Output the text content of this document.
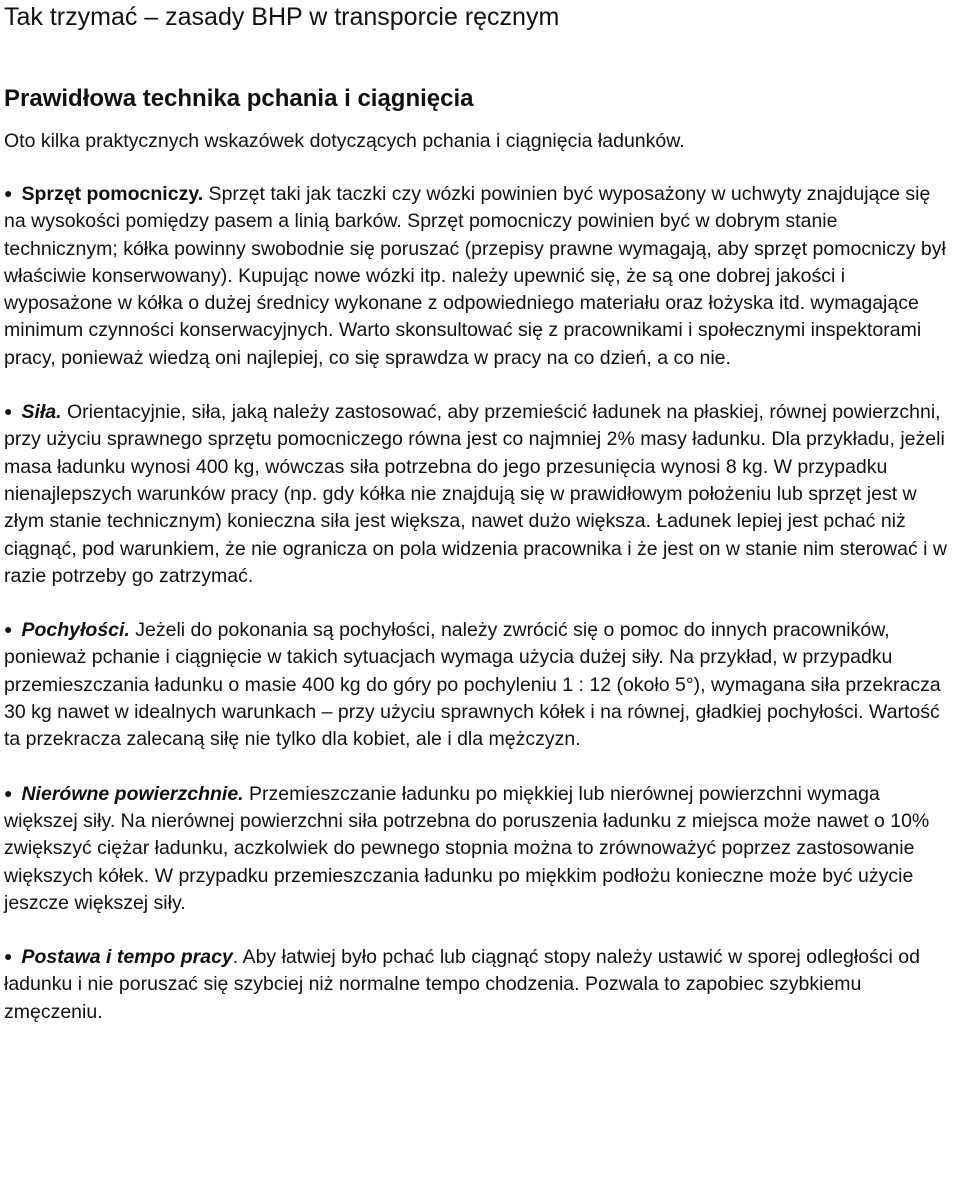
Tak trzymać – zasady BHP w transporcie ręcznym
Prawidłowa technika pchania i ciągnięcia

Oto kilka praktycznych wskazówek dotyczących pchania i ciągnięcia ładunków.

● Sprzęt pomocniczy. Sprzęt taki jak taczki czy wózki powinien być wyposażony w uchwyty znajdujące się na wysokości pomiędzy pasem a linią barków. Sprzęt pomocniczy powinien być w dobrym stanie technicznym; kółka powinny swobodnie się poruszać (przepisy prawne wymagają, aby sprzęt pomocniczy był właściwie konserwowany). Kupując nowe wózki itp. należy upewnić się, że są one dobrej jakości i wyposażone w kółka o dużej średnicy wykonane z odpowiedniego materiału oraz łożyska itd. wymagające minimum czynności konserwacyjnych. Warto skonsultować się z pracownikami i społecznymi inspektorami pracy, ponieważ wiedzą oni najlepiej, co się sprawdza w pracy na co dzień, a co nie.
● Siła. Orientacyjnie, siła, jaką należy zastosować, aby przemieścić ładunek na płaskiej, równej powierzchni, przy użyciu sprawnego sprzętu pomocniczego równa jest co najmniej 2% masy ładunku. Dla przykładu, jeżeli masa ładunku wynosi 400 kg, wówczas siła potrzebna do jego przesunięcia wynosi 8 kg. W przypadku nienajlepszych warunków pracy (np. gdy kółka nie znajdują się w prawidłowym położeniu lub sprzęt jest w złym stanie technicznym) konieczna siła jest większa, nawet dużo większa. Ładunek lepiej jest pchać niż ciągnąć, pod warunkiem, że nie ogranicza on pola widzenia pracownika i że jest on w stanie nim sterować i w razie potrzeby go zatrzymać.
● Pochyłości. Jeżeli do pokonania są pochyłości, należy zwrócić się o pomoc do innych pracowników, ponieważ pchanie i ciągnięcie w takich sytuacjach wymaga użycia dużej siły. Na przykład, w przypadku przemieszczania ładunku o masie 400 kg do góry po pochyleniu 1 : 12 (około 5°), wymagana siła przekracza 30 kg nawet w idealnych warunkach – przy użyciu sprawnych kółek i na równej, gładkiej pochyłości. Wartość ta przekracza zalecaną siłę nie tylko dla kobiet, ale i dla mężczyzn.
● Nierówne powierzchnie. Przemieszczanie ładunku po miękkiej lub nierównej powierzchni wymaga większej siły. Na nierównej powierzchni siła potrzebna do poruszenia ładunku z miejsca może nawet o 10% zwiększyć ciężar ładunku, aczkolwiek do pewnego stopnia można to zrównoważyć poprzez zastosowanie większych kółek. W przypadku przemieszczania ładunku po miękkim podłożu konieczne może być użycie jeszcze większej siły.
● Postawa i tempo pracy. Aby łatwiej było pchać lub ciągnąć stopy należy ustawić w sporej odległości od ładunku i nie poruszać się szybciej niż normalne tempo chodzenia. Pozwala to zapobiec szybkiemu zmęczeniu.
